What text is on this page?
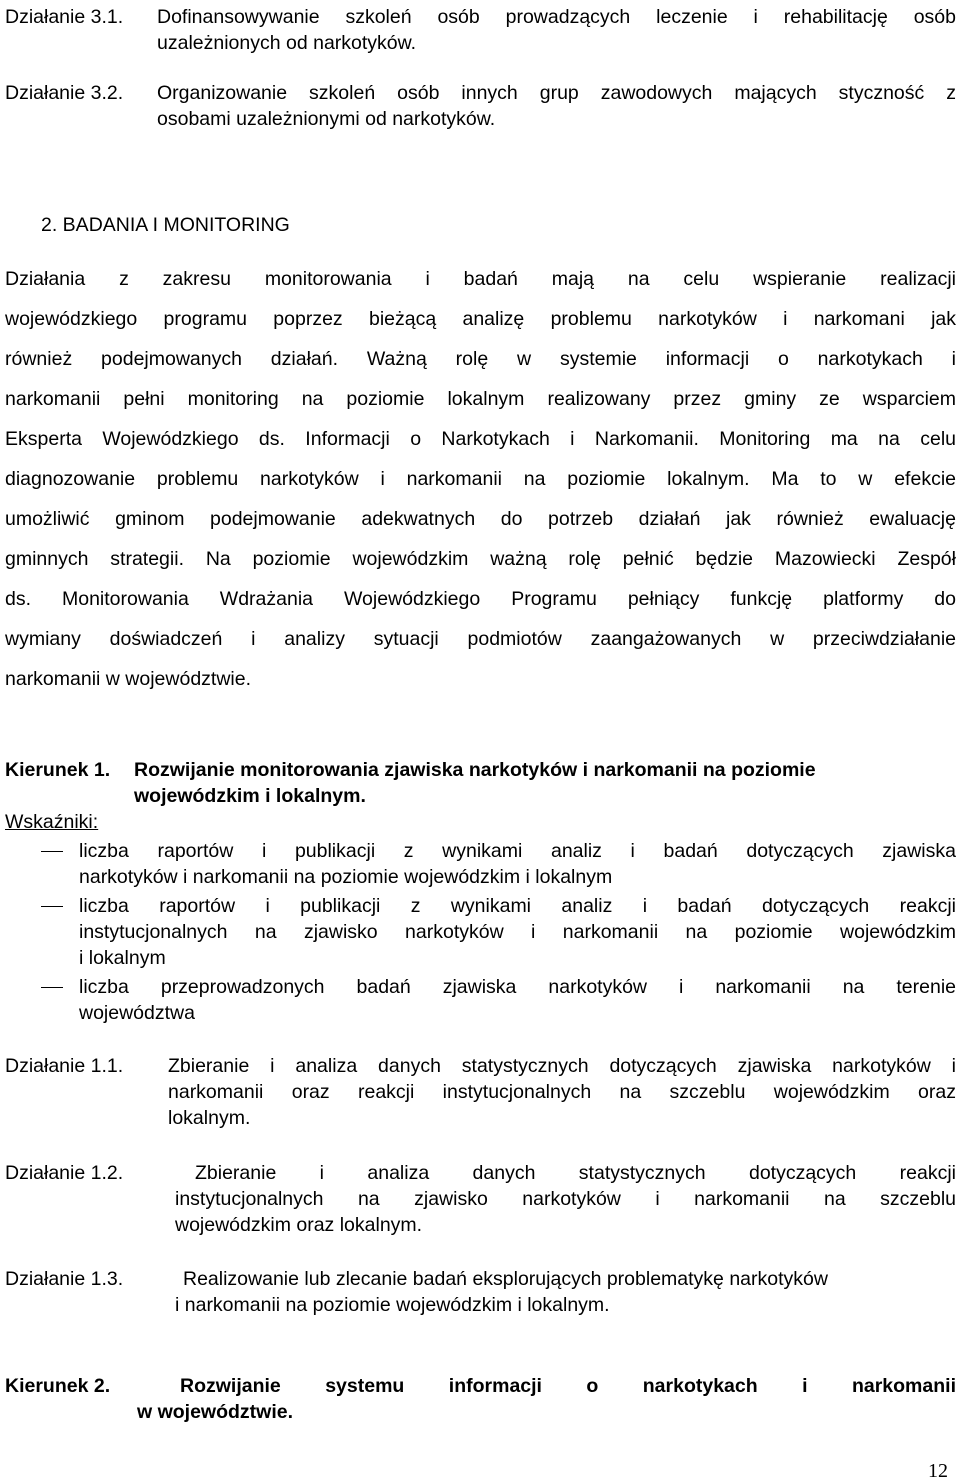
Działanie 3.1. Dofinansowywanie szkoleń osób prowadzących leczenie i rehabilitację osób
uzależnionych od narkotyków.
Działanie 3.2. Organizowanie szkoleń osób innych grup zawodowych mających styczność z
osobami uzależnionymi od narkotyków.
2. BADANIA I MONITORING
Działania z zakresu monitorowania i badań mają na celu wspieranie realizacji
wojewódzkiego programu poprzez bieżącą analizę problemu narkotyków i narkomani jak
również podejmowanych działań. Ważną rolę w systemie informacji o narkotykach i
narkomanii pełni monitoring na poziomie lokalnym realizowany przez gminy ze wsparciem
Eksperta Wojewódzkiego ds. Informacji o Narkotykach i Narkomanii. Monitoring ma na celu
diagnozowanie problemu narkotyków i narkomanii na poziomie lokalnym. Ma to w efekcie
umożliwić gminom podejmowanie adekwatnych do potrzeb działań jak również ewaluację
gminnych strategii. Na poziomie wojewódzkim ważną rolę pełnić będzie Mazowiecki Zespół
ds. Monitorowania Wdrażania Wojewódzkiego Programu pełniący funkcję platformy do
wymiany doświadczeń i analizy sytuacji podmiotów zaangażowanych w przeciwdziałanie
narkomanii w województwie.
Kierunek 1. Rozwijanie monitorowania zjawiska narkotyków i narkomanii na poziomie
wojewódzkim i lokalnym.
Wskaźniki:
liczba raportów i publikacji z wynikami analiz i badań dotyczących zjawiska
narkotyków i narkomanii na poziomie wojewódzkim i lokalnym
liczba raportów i publikacji z wynikami analiz i badań dotyczących reakcji
instytucjonalnych na zjawisko narkotyków i narkomanii na poziomie wojewódzkim
i lokalnym
liczba przeprowadzonych badań zjawiska narkotyków i narkomanii na terenie
województwa
Działanie 1.1. Zbieranie i analiza danych statystycznych dotyczących zjawiska narkotyków i
narkomanii oraz reakcji instytucjonalnych na szczeblu wojewódzkim oraz
lokalnym.
Działanie 1.2.	Zbieranie i analiza danych statystycznych dotyczących reakcji
instytucjonalnych na zjawisko narkotyków i narkomanii na szczeblu
wojewódzkim oraz lokalnym.
Działanie 1.3.	Realizowanie lub zlecanie badań eksplorujących problematykę narkotyków
i narkomanii na poziomie wojewódzkim i lokalnym.
Kierunek 2.	Rozwijanie systemu informacji o narkotykach i narkomanii
w województwie.
12
